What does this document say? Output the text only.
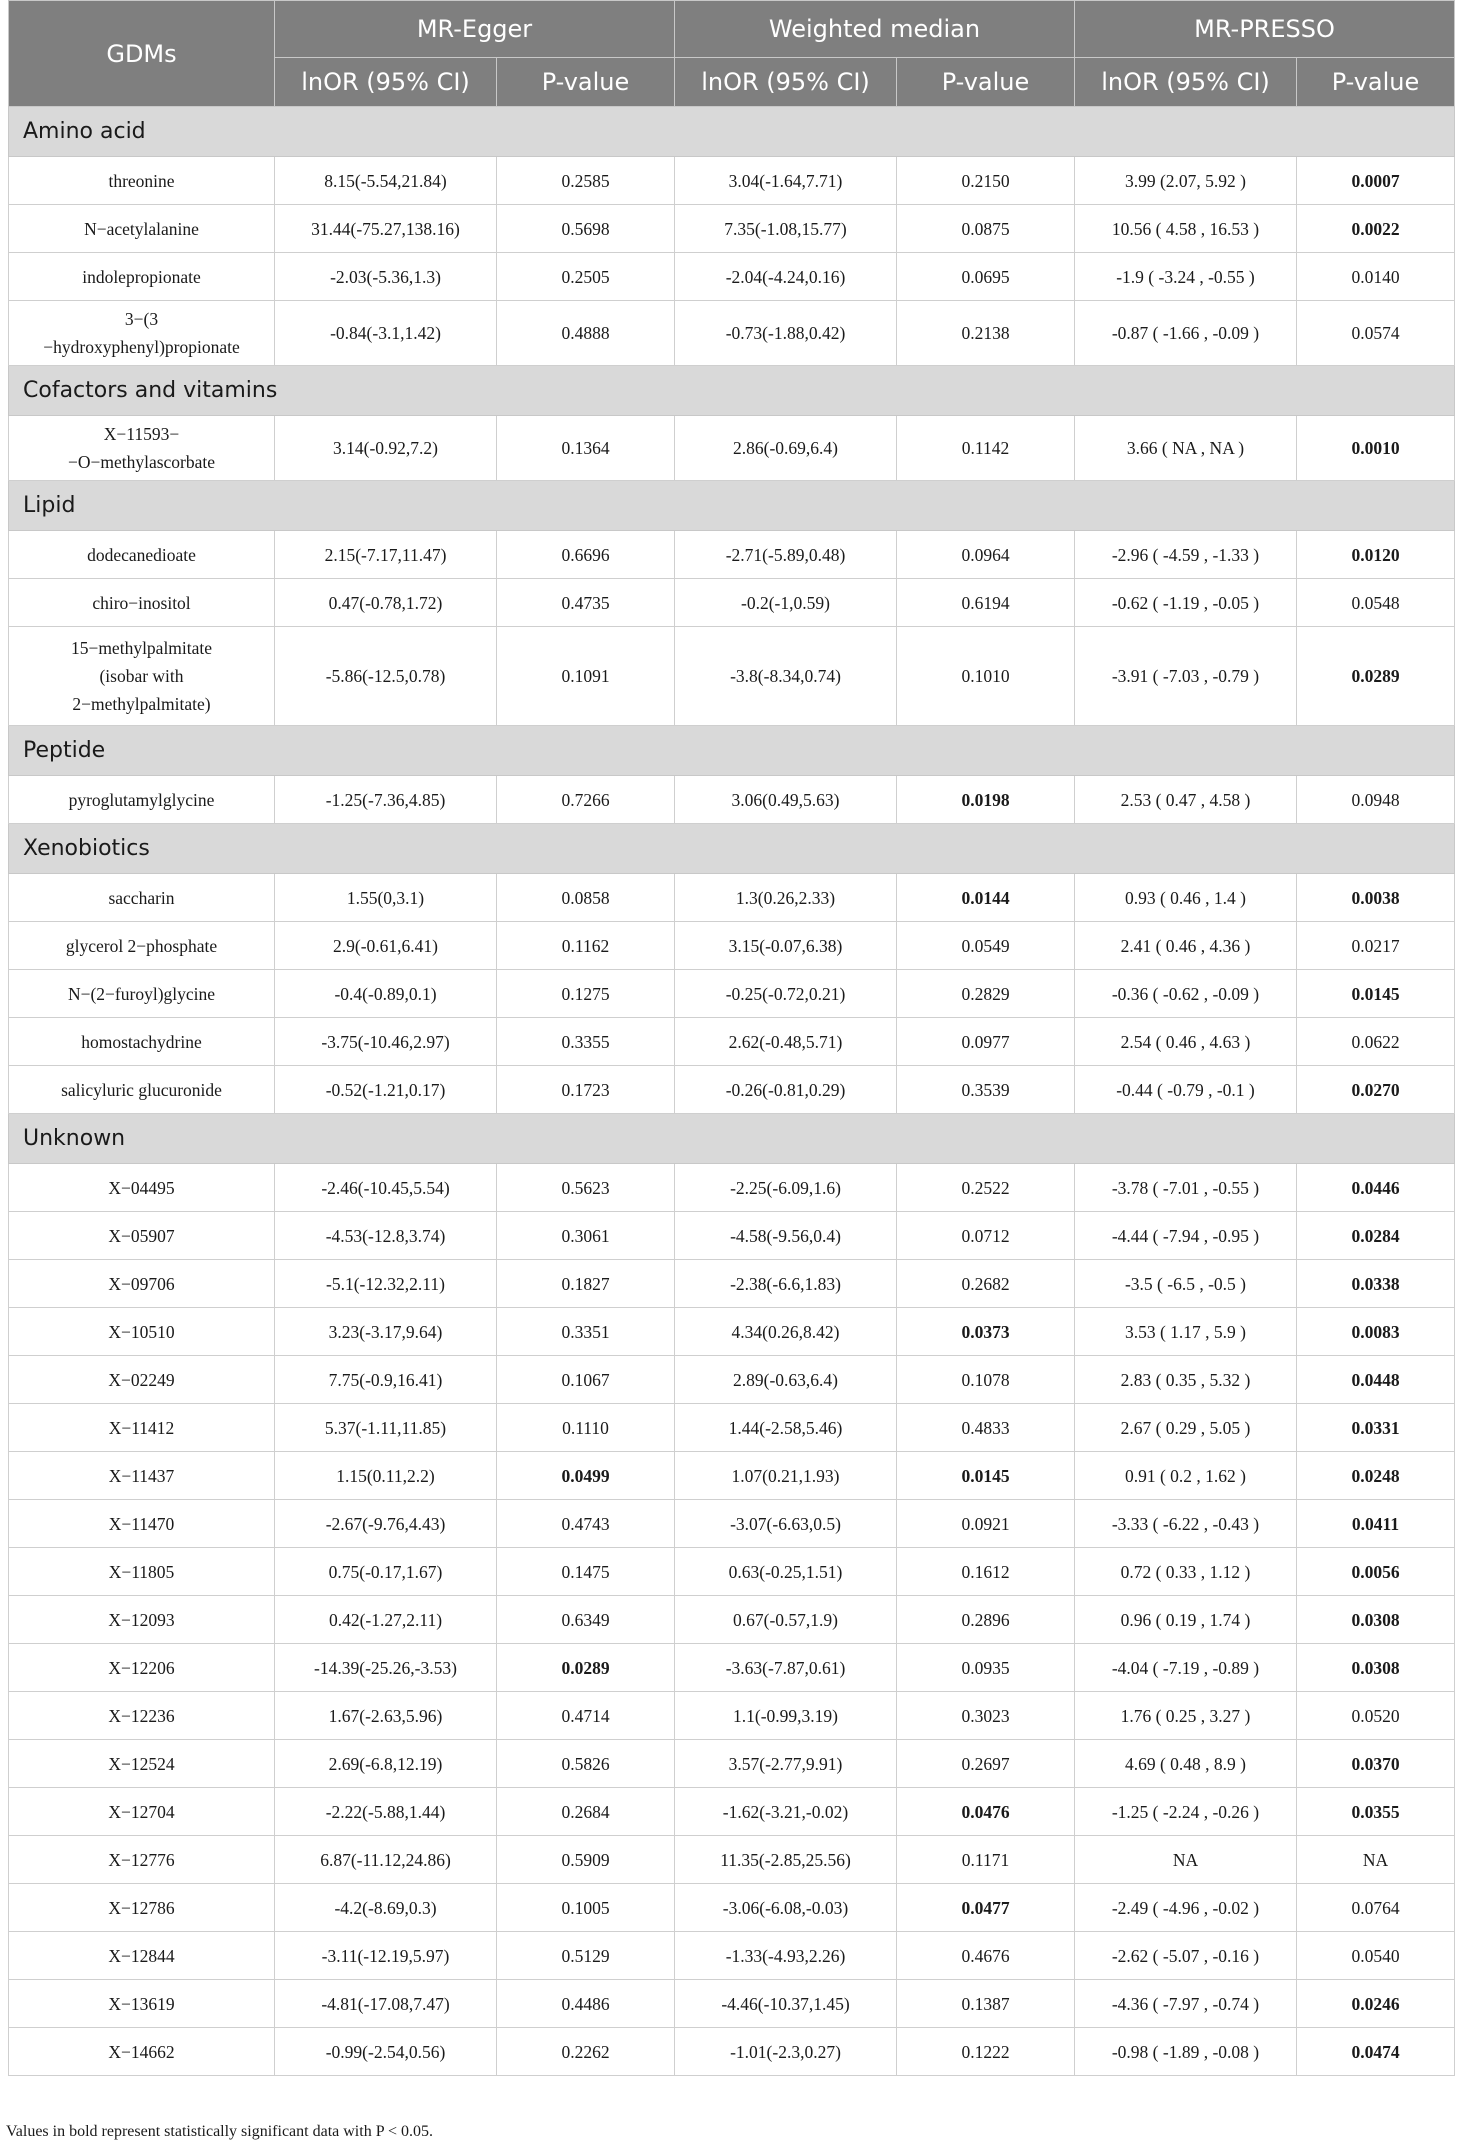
GDMs	MR-Egger		Weighted median		MR-PRESSO	
	lnOR (95% CI)	P-value	lnOR (95% CI)	P-value	lnOR (95% CI)	P-value
Amino acid						

threonine	8.15(-5.54,21.84)	0.2585	3.04(-1.64,7.71)	0.2150	3.99 (2.07, 5.92 )	0.0007

N−acetylalanine	31.44(-75.27,138.16)	0.5698	7.35(-1.08,15.77)	0.0875	10.56 ( 4.58 , 16.53 )	0.0022

indolepropionate	-2.03(-5.36,1.3)	0.2505	-2.04(-4.24,0.16)	0.0695	-1.9 ( -3.24 , -0.55 )	0.0140

3−(3
−hydroxyphenyl)propionate	-0.84(-3.1,1.42)	0.4888	-0.73(-1.88,0.42)	0.2138	-0.87 ( -1.66 , -0.09 )	0.0574
Cofactors and vitamins						

X−11593−
−O−methylascorbate	3.14(-0.92,7.2)	0.1364	2.86(-0.69,6.4)	0.1142	3.66 ( NA , NA )	0.0010
Lipid						

dodecanedioate	2.15(-7.17,11.47)	0.6696	-2.71(-5.89,0.48)	0.0964	-2.96 ( -4.59 , -1.33 )	0.0120

chiro−inositol	0.47(-0.78,1.72)	0.4735	-0.2(-1,0.59)	0.6194	-0.62 ( -1.19 , -0.05 )	0.0548

15−methylpalmitate
(isobar with
2−methylpalmitate)	-5.86(-12.5,0.78)	0.1091	-3.8(-8.34,0.74)	0.1010	-3.91 ( -7.03 , -0.79 )	0.0289
Peptide						

pyroglutamylglycine	-1.25(-7.36,4.85)	0.7266	3.06(0.49,5.63)	0.0198	2.53 ( 0.47 , 4.58 )	0.0948
Xenobiotics						

saccharin	1.55(0,3.1)	0.0858	1.3(0.26,2.33)	0.0144	0.93 ( 0.46 , 1.4 )	0.0038

glycerol 2−phosphate	2.9(-0.61,6.41)	0.1162	3.15(-0.07,6.38)	0.0549	2.41 ( 0.46 , 4.36 )	0.0217

N−(2−furoyl)glycine	-0.4(-0.89,0.1)	0.1275	-0.25(-0.72,0.21)	0.2829	-0.36 ( -0.62 , -0.09 )	0.0145

homostachydrine	-3.75(-10.46,2.97)	0.3355	2.62(-0.48,5.71)	0.0977	2.54 ( 0.46 , 4.63 )	0.0622

salicyluric glucuronide	-0.52(-1.21,0.17)	0.1723	-0.26(-0.81,0.29)	0.3539	-0.44 ( -0.79 , -0.1 )	0.0270
Unknown						

X−04495	-2.46(-10.45,5.54)	0.5623	-2.25(-6.09,1.6)	0.2522	-3.78 ( -7.01 , -0.55 )	0.0446

X−05907	-4.53(-12.8,3.74)	0.3061	-4.58(-9.56,0.4)	0.0712	-4.44 ( -7.94 , -0.95 )	0.0284

X−09706	-5.1(-12.32,2.11)	0.1827	-2.38(-6.6,1.83)	0.2682	-3.5 ( -6.5 , -0.5 )	0.0338

X−10510	3.23(-3.17,9.64)	0.3351	4.34(0.26,8.42)	0.0373	3.53 ( 1.17 , 5.9 )	0.0083

X−02249	7.75(-0.9,16.41)	0.1067	2.89(-0.63,6.4)	0.1078	2.83 ( 0.35 , 5.32 )	0.0448

X−11412	5.37(-1.11,11.85)	0.1110	1.44(-2.58,5.46)	0.4833	2.67 ( 0.29 , 5.05 )	0.0331

X−11437	1.15(0.11,2.2)	0.0499	1.07(0.21,1.93)	0.0145	0.91 ( 0.2 , 1.62 )	0.0248

X−11470	-2.67(-9.76,4.43)	0.4743	-3.07(-6.63,0.5)	0.0921	-3.33 ( -6.22 , -0.43 )	0.0411

X−11805	0.75(-0.17,1.67)	0.1475	0.63(-0.25,1.51)	0.1612	0.72 ( 0.33 , 1.12 )	0.0056

X−12093	0.42(-1.27,2.11)	0.6349	0.67(-0.57,1.9)	0.2896	0.96 ( 0.19 , 1.74 )	0.0308

X−12206	-14.39(-25.26,-3.53)	0.0289	-3.63(-7.87,0.61)	0.0935	-4.04 ( -7.19 , -0.89 )	0.0308

X−12236	1.67(-2.63,5.96)	0.4714	1.1(-0.99,3.19)	0.3023	1.76 ( 0.25 , 3.27 )	0.0520

X−12524	2.69(-6.8,12.19)	0.5826	3.57(-2.77,9.91)	0.2697	4.69 ( 0.48 , 8.9 )	0.0370

X−12704	-2.22(-5.88,1.44)	0.2684	-1.62(-3.21,-0.02)	0.0476	-1.25 ( -2.24 , -0.26 )	0.0355

X−12776	6.87(-11.12,24.86)	0.5909	11.35(-2.85,25.56)	0.1171	NA	NA

X−12786	-4.2(-8.69,0.3)	0.1005	-3.06(-6.08,-0.03)	0.0477	-2.49 ( -4.96 , -0.02 )	0.0764

X−12844	-3.11(-12.19,5.97)	0.5129	-1.33(-4.93,2.26)	0.4676	-2.62 ( -5.07 , -0.16 )	0.0540

X−13619	-4.81(-17.08,7.47)	0.4486	-4.46(-10.37,1.45)	0.1387	-4.36 ( -7.97 , -0.74 )	0.0246

X−14662	-0.99(-2.54,0.56)	0.2262	-1.01(-2.3,0.27)	0.1222	-0.98 ( -1.89 , -0.08 )	0.0474
Values in bold represent statistically significant data with P < 0.05.
